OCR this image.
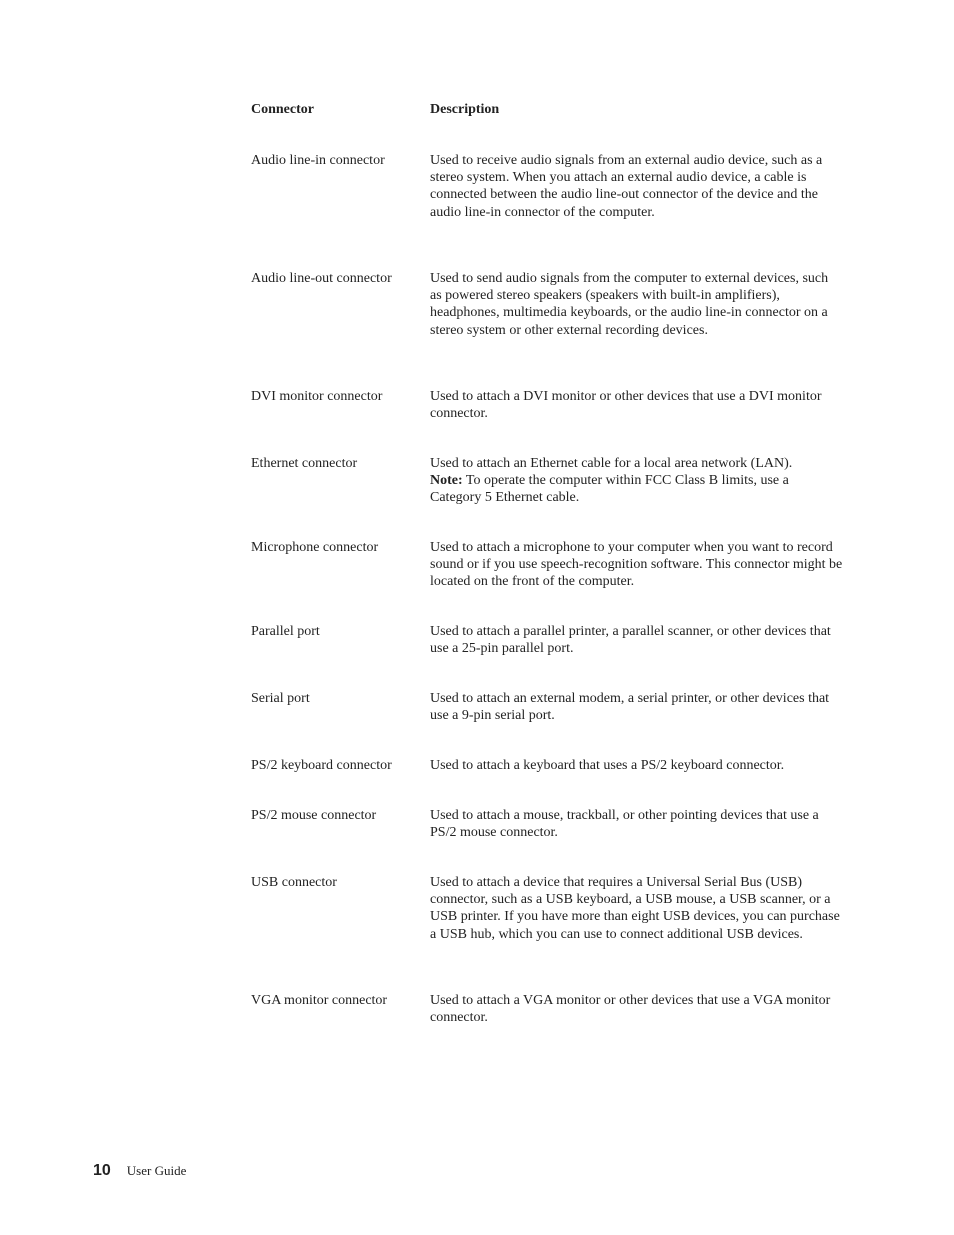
Connector	Description
Audio line-in connector	Used to receive audio signals from an external audio device, such as a stereo system. When you attach an external audio device, a cable is connected between the audio line-out connector of the device and the audio line-in connector of the computer.
Audio line-out connector	Used to send audio signals from the computer to external devices, such as powered stereo speakers (speakers with built-in amplifiers), headphones, multimedia keyboards, or the audio line-in connector on a stereo system or other external recording devices.
DVI monitor connector	Used to attach a DVI monitor or other devices that use a DVI monitor connector.
Ethernet connector	Used to attach an Ethernet cable for a local area network (LAN).
Note: To operate the computer within FCC Class B limits, use a Category 5 Ethernet cable.
Microphone connector	Used to attach a microphone to your computer when you want to record sound or if you use speech-recognition software. This connector might be located on the front of the computer.
Parallel port	Used to attach a parallel printer, a parallel scanner, or other devices that use a 25-pin parallel port.
Serial port	Used to attach an external modem, a serial printer, or other devices that use a 9-pin serial port.
PS/2 keyboard connector	Used to attach a keyboard that uses a PS/2 keyboard connector.
PS/2 mouse connector	Used to attach a mouse, trackball, or other pointing devices that use a PS/2 mouse connector.
USB connector	Used to attach a device that requires a Universal Serial Bus (USB) connector, such as a USB keyboard, a USB mouse, a USB scanner, or a USB printer. If you have more than eight USB devices, you can purchase a USB hub, which you can use to connect additional USB devices.
VGA monitor connector	Used to attach a VGA monitor or other devices that use a VGA monitor connector.
10 User Guide
